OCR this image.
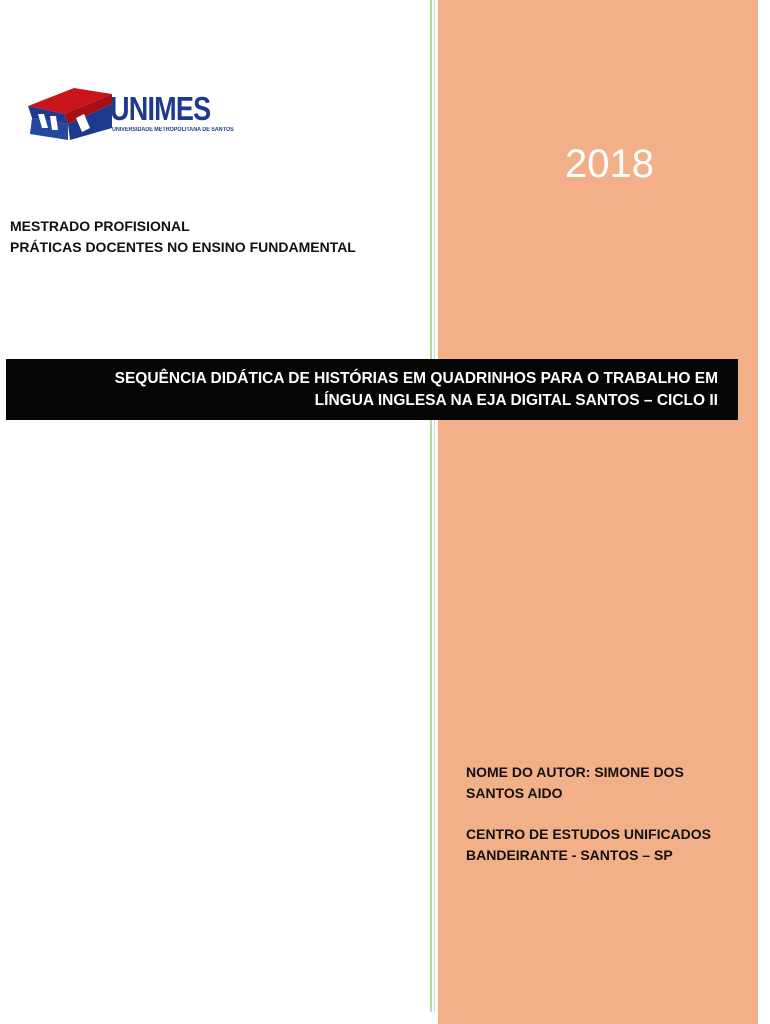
UNIMES
UNIVERSIDADE METROPOLITANA DE SANTOS
2018
MESTRADO PROFISIONAL
PRÁTICAS DOCENTES NO ENSINO FUNDAMENTAL
SEQUÊNCIA DIDÁTICA DE HISTÓRIAS EM QUADRINHOS PARA O TRABALHO EM
LÍNGUA INGLESA NA EJA DIGITAL SANTOS – CICLO II
NOME DO AUTOR: SIMONE DOS
SANTOS AIDO
CENTRO DE ESTUDOS UNIFICADOS
BANDEIRANTE - SANTOS – SP
